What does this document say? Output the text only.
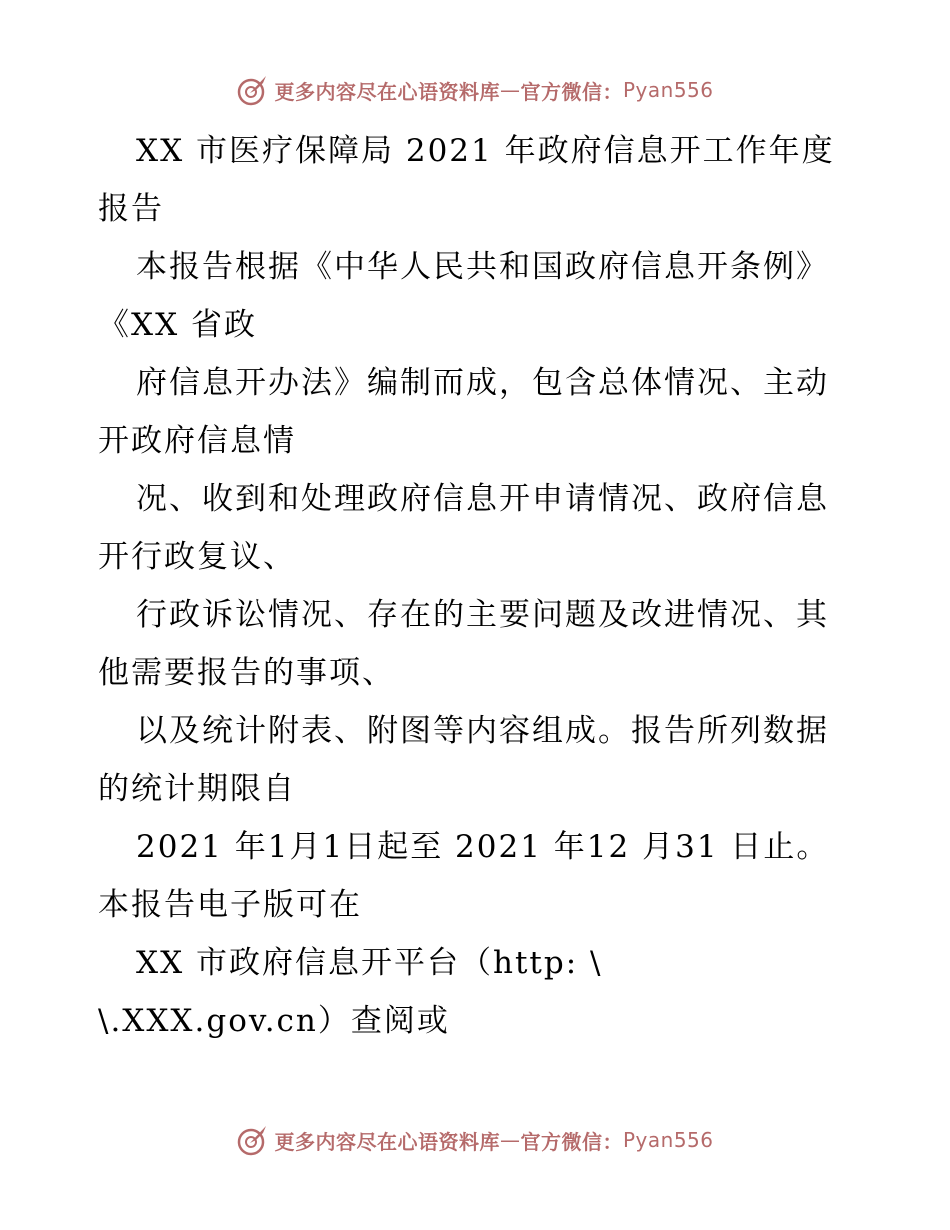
更多内容尽在心语资料库 — 官方微信： Pyan556
XX 市医疗保障局 2021 年政府信息开工作年度
报告
本报告根据《中华人民共和国政府信息开条例》
《XX 省政
府信息开办法》编制而成，包含总体情况、主动
开政府信息情
况、收到和处理政府信息开申请情况、政府信息
开行政复议、
行政诉讼情况、存在的主要问题及改进情况、其
他需要报告的事项、
以及统计附表、附图等内容组成。报告所列数据
的统计期限自
2021 年1月1日起至 2021 年12 月31 日止。
本报告电子版可在
XX 市政府信息开平台（http: \
\.XXX.gov.cn）查阅或
更多内容尽在心语资料库 — 官方微信： Pyan556
